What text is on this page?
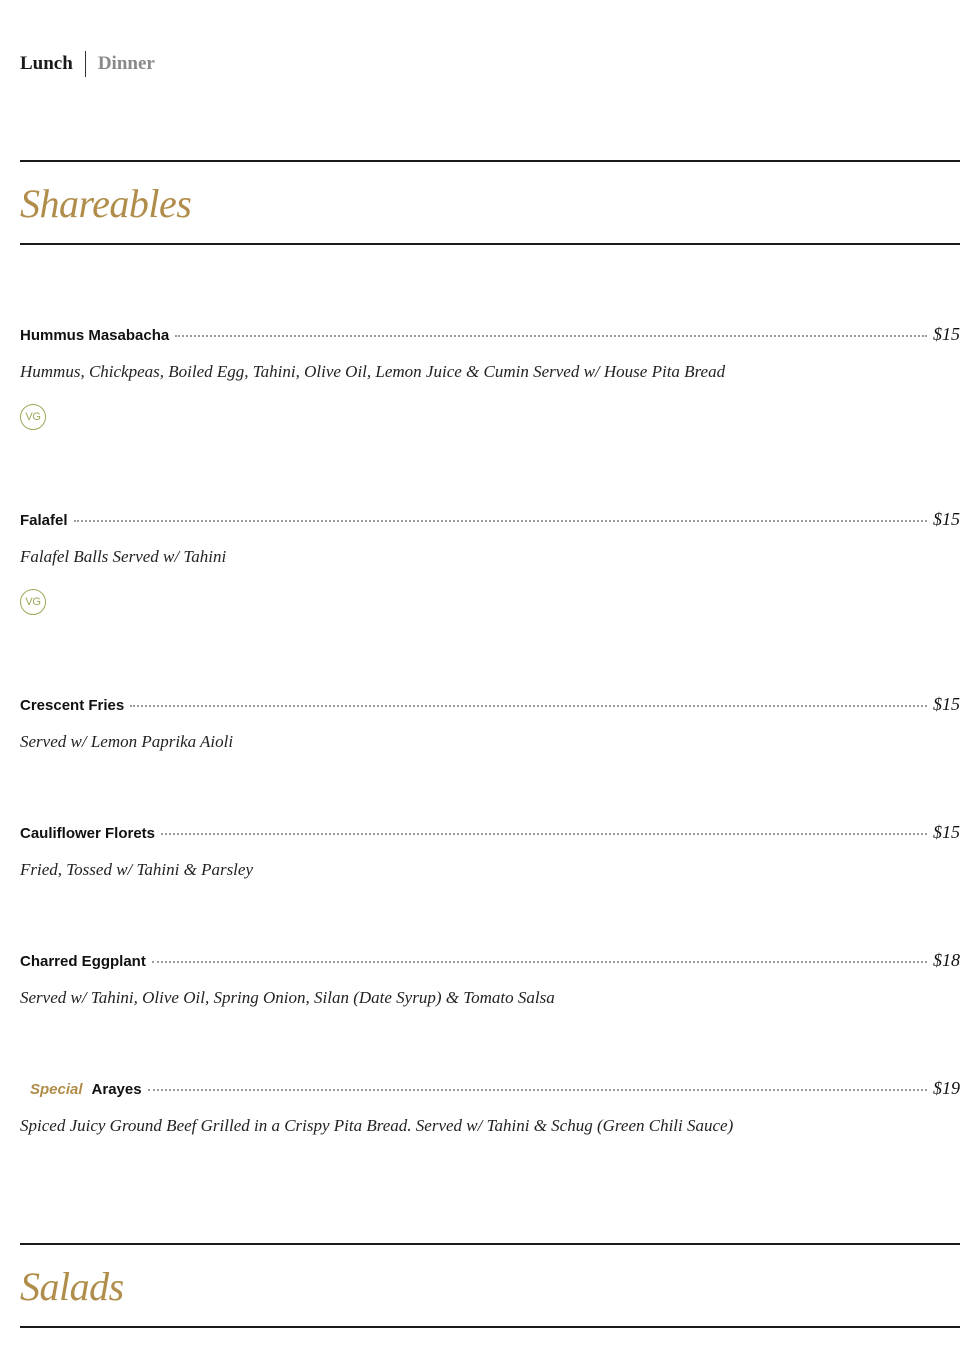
Lunch Dinner
Shareables
Hummus Masabacha	$15
Hummus, Chickpeas, Boiled Egg, Tahini, Olive Oil, Lemon Juice & Cumin Served w/ House Pita Bread
VG
Falafel	$15
Falafel Balls Served w/ Tahini
VG
Crescent Fries	$15
Served w/ Lemon Paprika Aioli
Cauliflower Florets	$15
Fried, Tossed w/ Tahini & Parsley
Charred Eggplant	$18
Served w/ Tahini, Olive Oil, Spring Onion, Silan (Date Syrup) & Tomato Salsa
Special Arayes	$19
Spiced Juicy Ground Beef Grilled in a Crispy Pita Bread. Served w/ Tahini & Schug (Green Chili Sauce)
Salads
